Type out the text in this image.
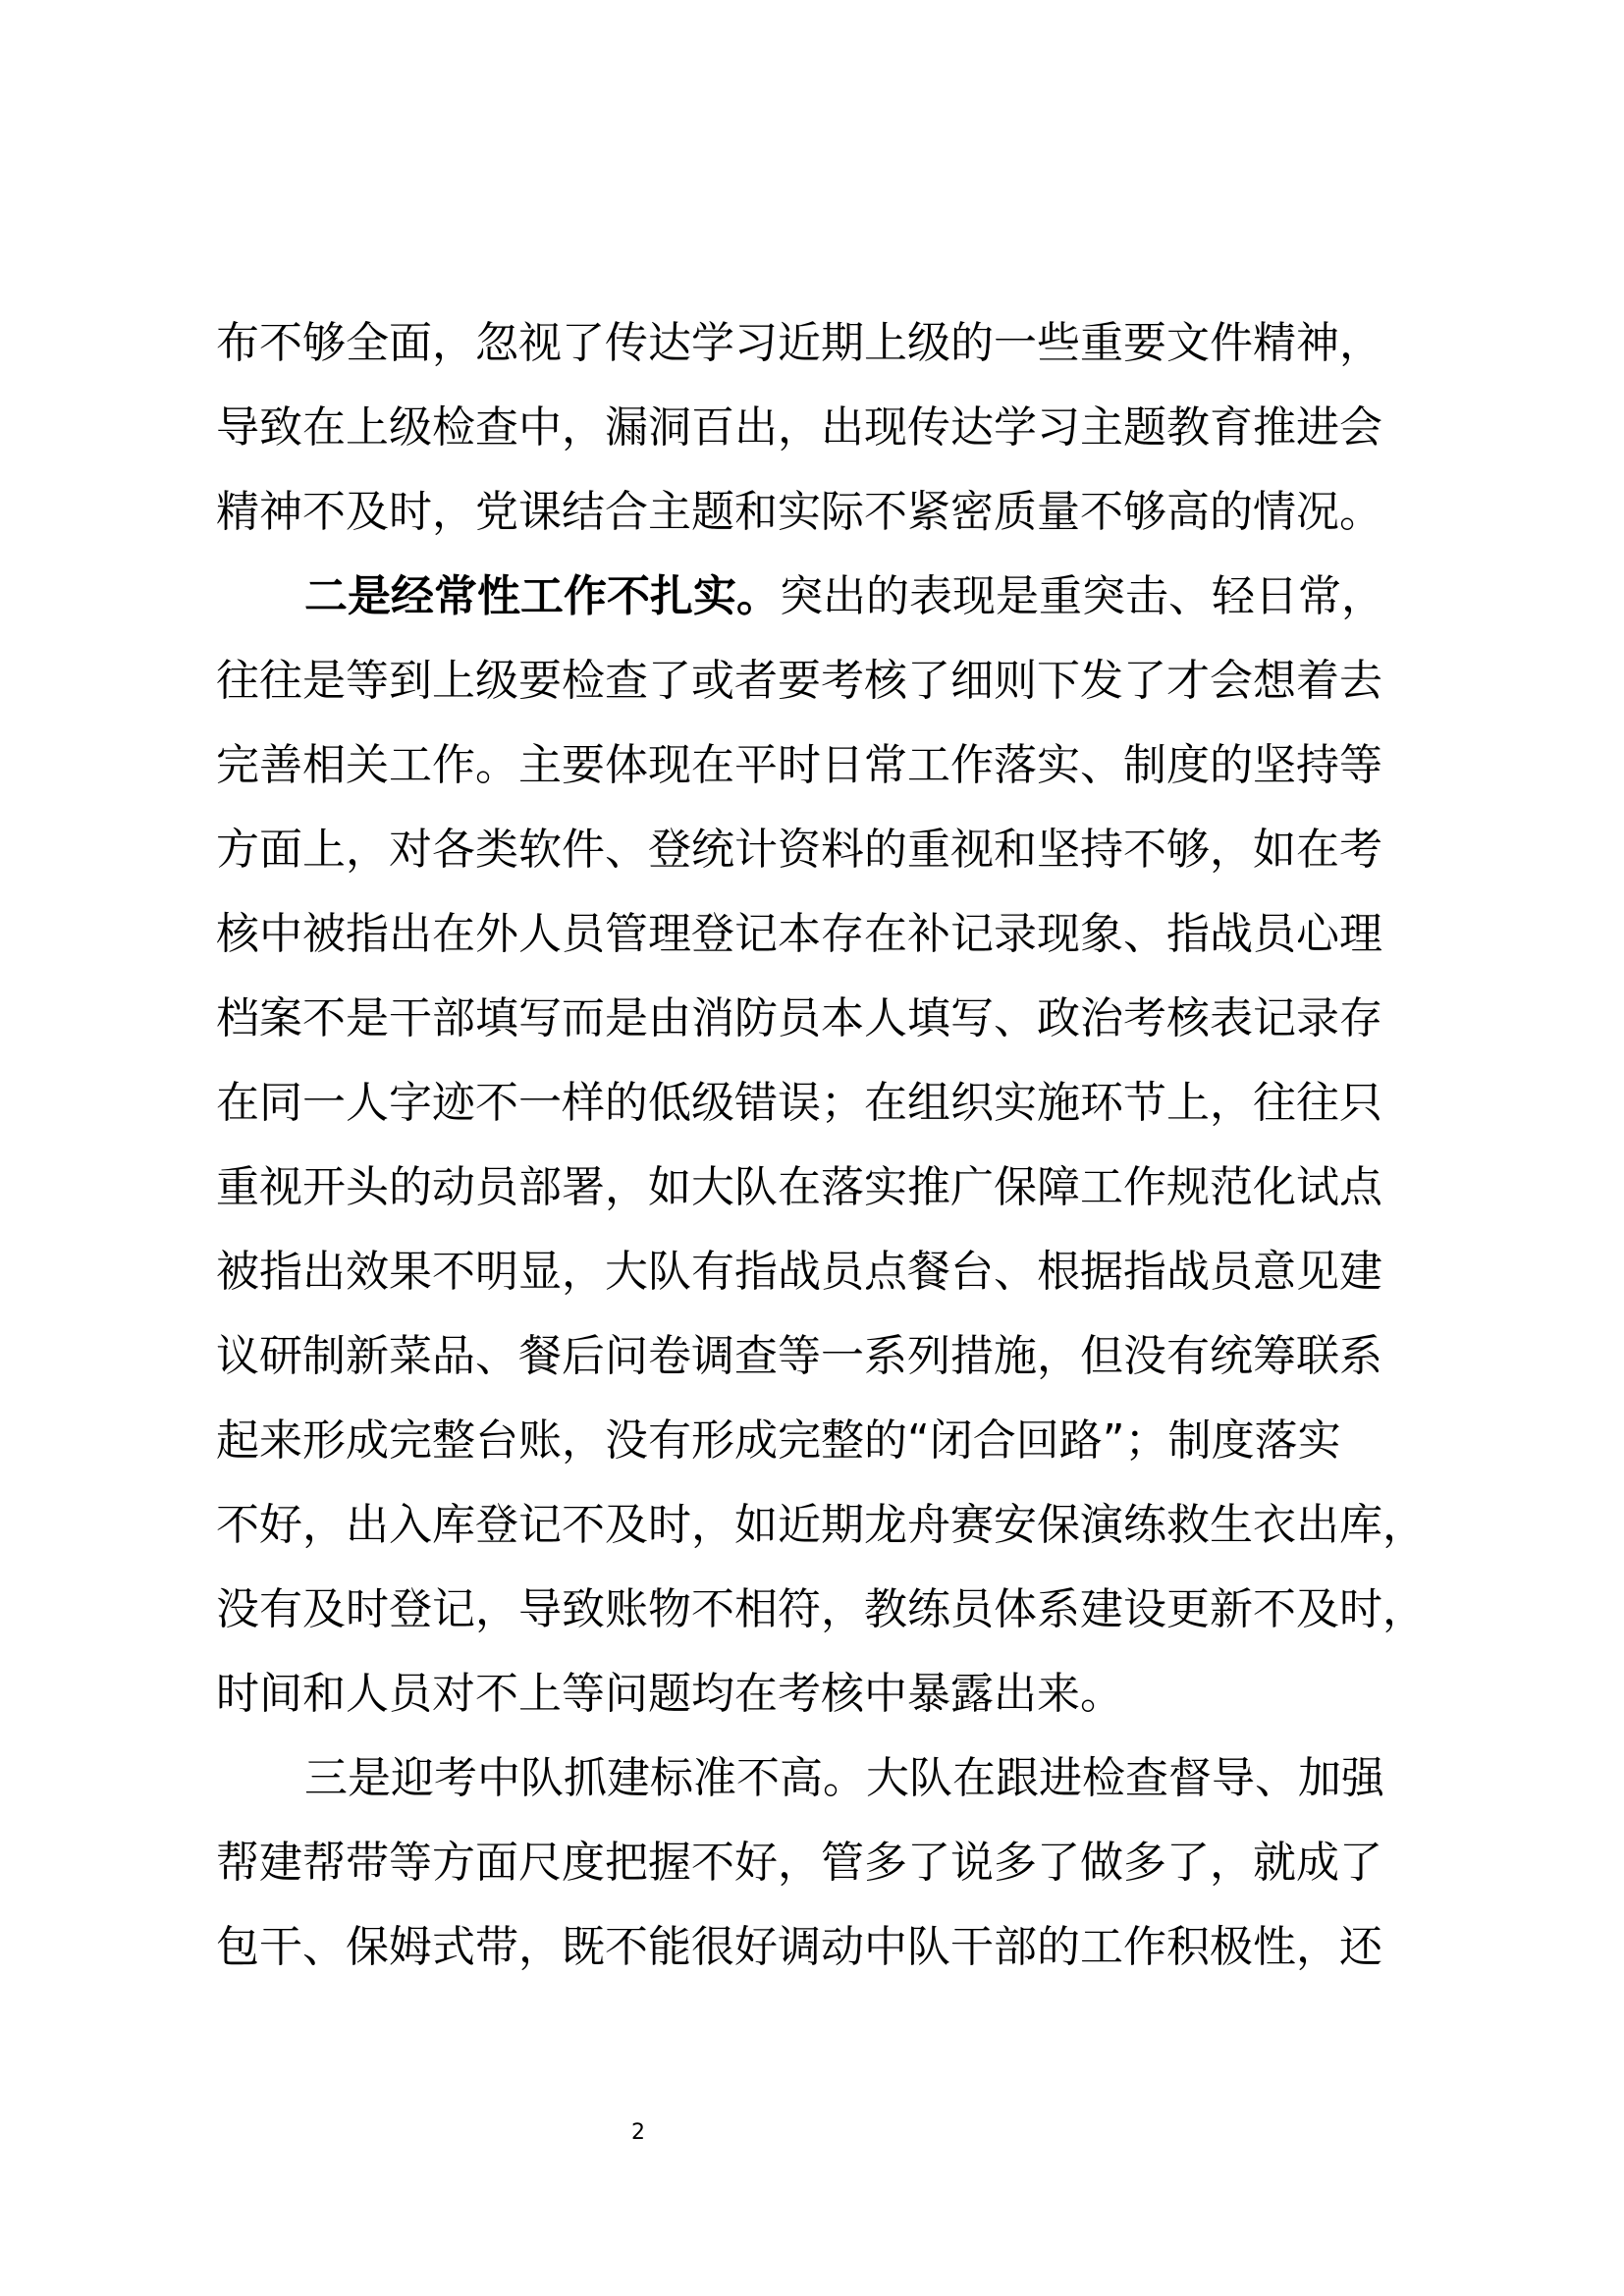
布不够全面，忽视了传达学习近期上级的一些重要文件精神，
导致在上级检查中，漏洞百出，出现传达学习主题教育推进会
精神不及时，党课结合主题和实际不紧密质量不够高的情况。
二是经常性工作不扎实。突出的表现是重突击、轻日常，
往往是等到上级要检查了或者要考核了细则下发了才会想着去
完善相关工作。主要体现在平时日常工作落实、制度的坚持等
方面上，对各类软件、登统计资料的重视和坚持不够，如在考
核中被指出在外人员管理登记本存在补记录现象、指战员心理
档案不是干部填写而是由消防员本人填写、政治考核表记录存
在同一人字迹不一样的低级错误；在组织实施环节上，往往只
重视开头的动员部署，如大队在落实推广保障工作规范化试点
被指出效果不明显，大队有指战员点餐台、根据指战员意见建
议研制新菜品、餐后问卷调查等一系列措施，但没有统筹联系
起来形成完整台账，没有形成完整的“闭合回路”；制度落实
不好，出入库登记不及时，如近期龙舟赛安保演练救生衣出库，
没有及时登记，导致账物不相符，教练员体系建设更新不及时，
时间和人员对不上等问题均在考核中暴露出来。
三是迎考中队抓建标准不高。大队在跟进检查督导、加强
帮建帮带等方面尺度把握不好，管多了说多了做多了，就成了
包干、保姆式带，既不能很好调动中队干部的工作积极性，还
2
